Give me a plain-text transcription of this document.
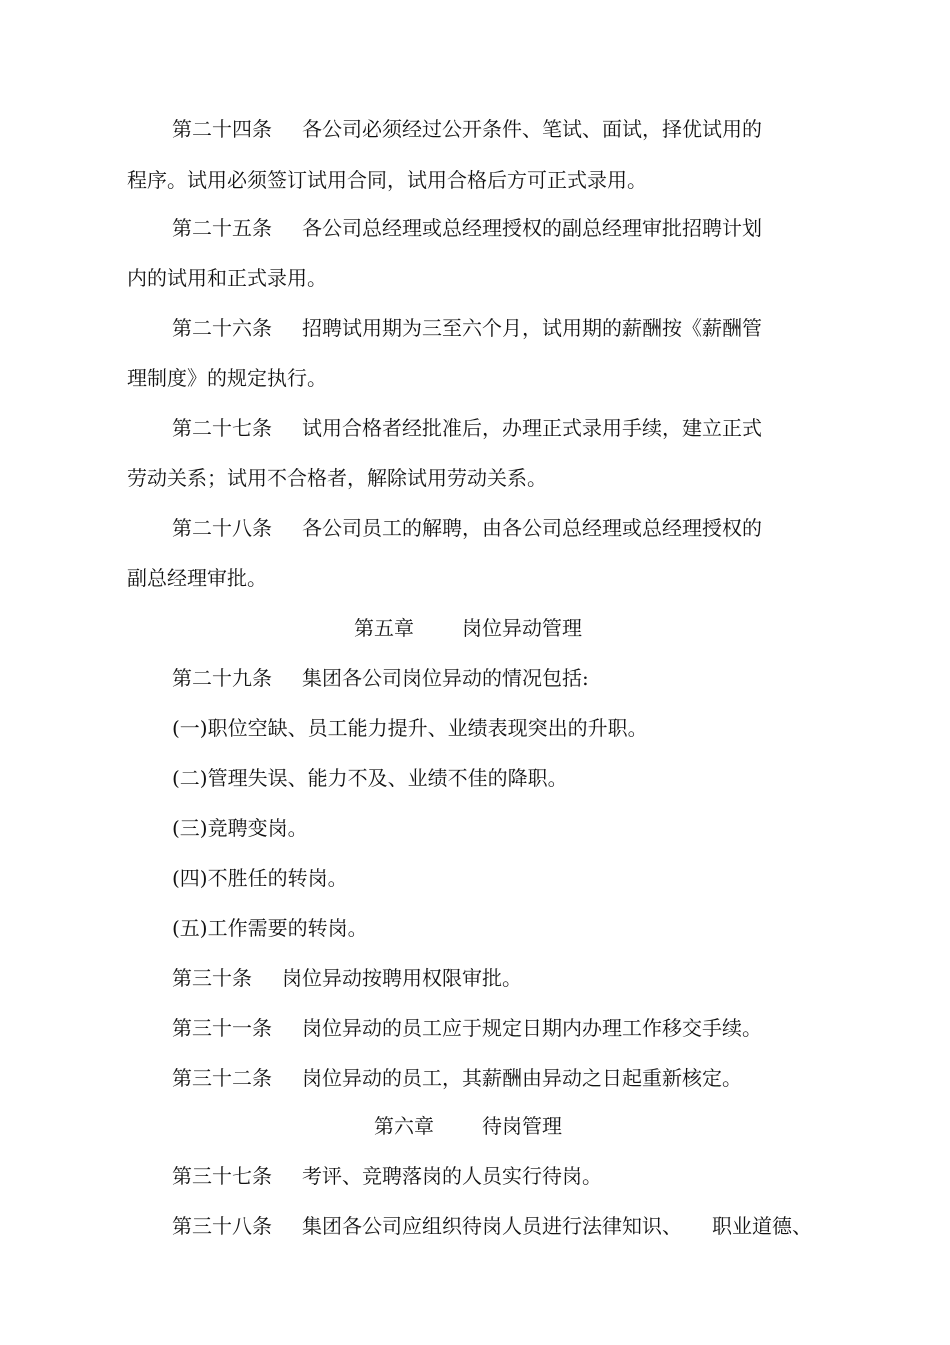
第二十四条 各公司必须经过公开条件、笔试、面试，择优试用的
程序。试用必须签订试用合同，试用合格后方可正式录用。
第二十五条 各公司总经理或总经理授权的副总经理审批招聘计划
内的试用和正式录用。
第二十六条 招聘试用期为三至六个月，试用期的薪酬按《薪酬管
理制度》的规定执行。
第二十七条 试用合格者经批准后，办理正式录用手续，建立正式
劳动关系；试用不合格者，解除试用劳动关系。
第二十八条 各公司员工的解聘，由各公司总经理或总经理授权的
副总经理审批。
第五章 岗位异动管理
第二十九条 集团各公司岗位异动的情况包括:
(一)职位空缺、员工能力提升、业绩表现突出的升职。
(二)管理失误、能力不及、业绩不佳的降职。
(三)竞聘变岗。
(四)不胜任的转岗。
(五)工作需要的转岗。
第三十条 岗位异动按聘用权限审批。
第三十一条 岗位异动的员工应于规定日期内办理工作移交手续。
第三十二条 岗位异动的员工，其薪酬由异动之日起重新核定。
第六章 待岗管理
第三十七条 考评、竞聘落岗的人员实行待岗。
第三十八条 集团各公司应组织待岗人员进行法律知识、 职业道德、
